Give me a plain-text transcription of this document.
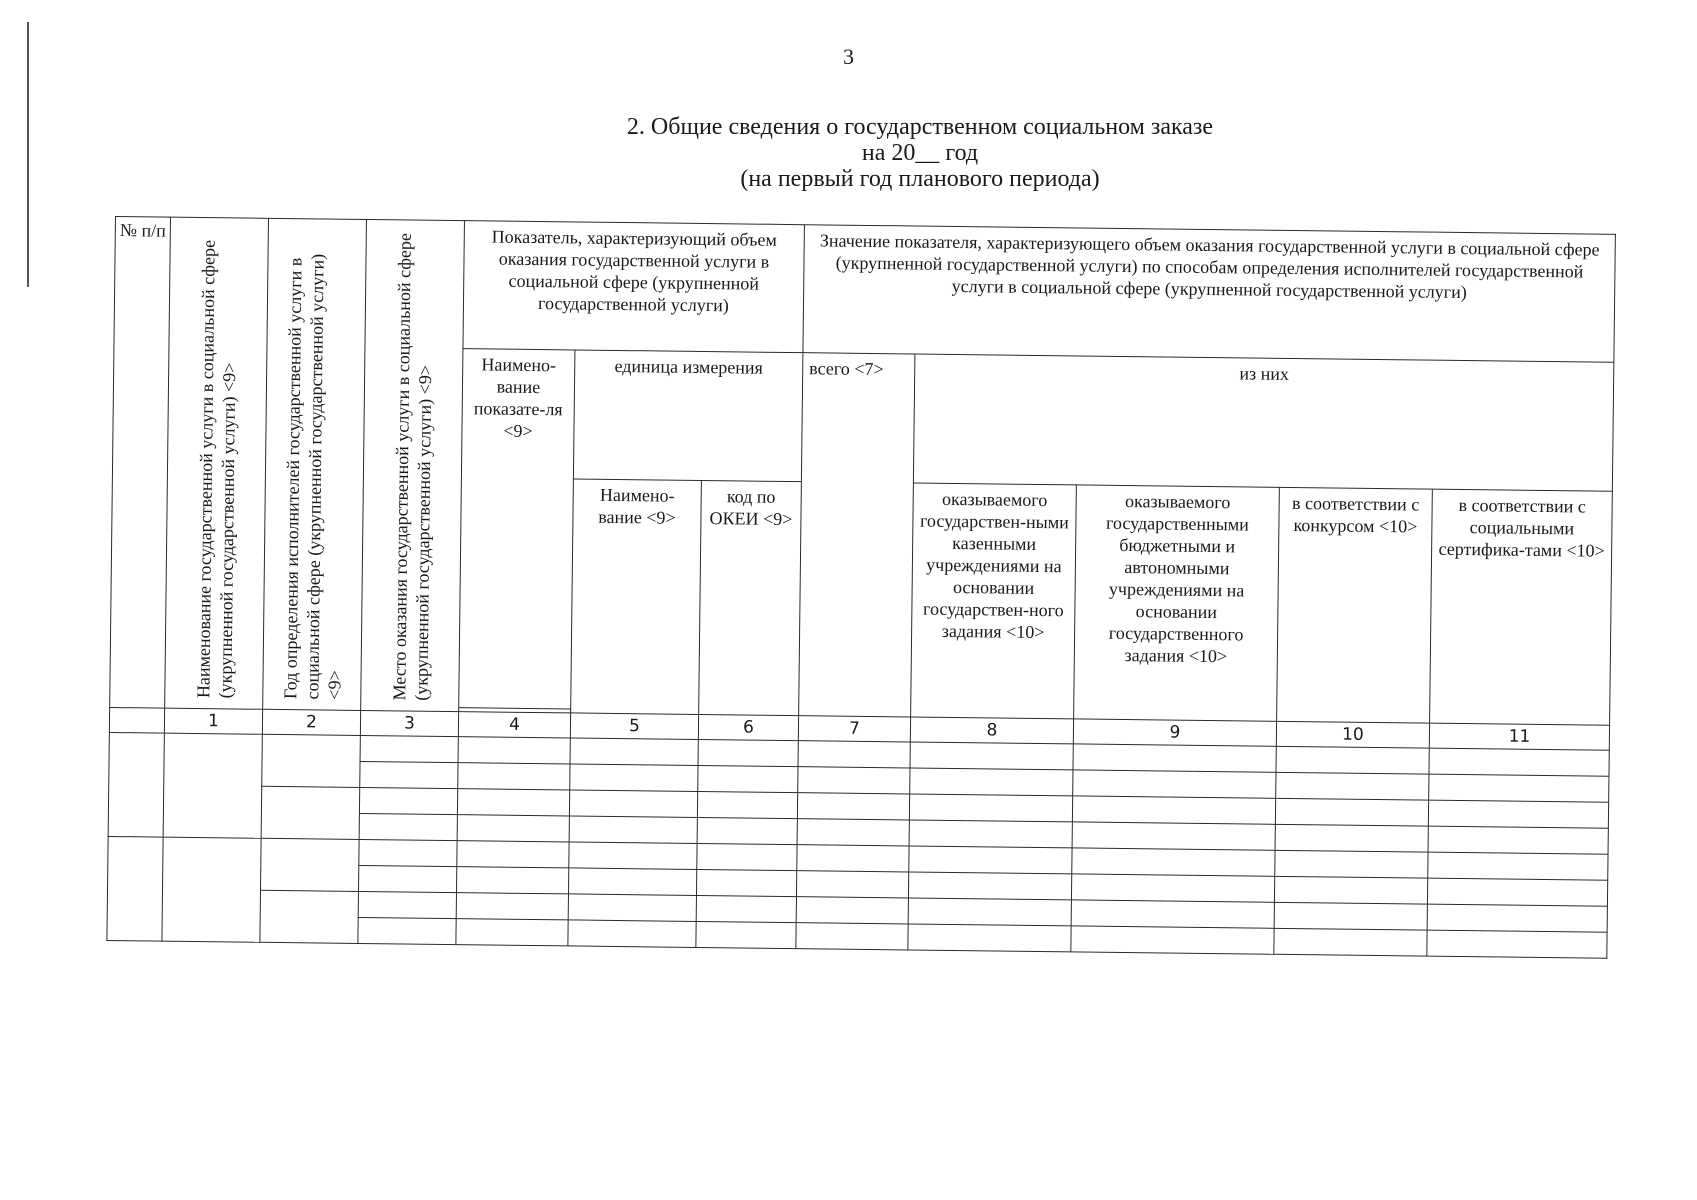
3
2. Общие сведения о государственном социальном заказе
на 20__ год
(на первый год планового периода)
№ п/п	Наименование государственной услуги в социальной сфере (укрупненной государственной услуги) <9>	Год определения исполнителей государственной услуги в социальной сфере (укрупненной государственной услуги) <9>	Место оказания государственной услуги в социальной сфере (укрупненной государственной услуги) <9>	Показатель, характеризующий объем оказания государственной услуги в социальной сфере (укрупненной государственной услуги)			Значение показателя, характеризующего объем оказания государственной услуги в социальной сфере (укрупненной государственной услуги) по способам определения исполнителей государственной услуги в социальной сфере (укрупненной государственной услуги)				
				Наимено-вание показате-ля <9>	единица измерения		всего <7>	из них			
					Наимено-вание <9>	код по ОКЕИ <9>		оказываемого государствен-ными казенными учреждениями на основании государствен-ного задания <10>	оказываемого государственными бюджетными и автономными учреждениями на основании государственного задания <10>	в соответствии с конкурсом <10>	в соответствии с социальными сертифика-тами <10>

	1	2	3	4	5	6	7	8	9	10	11
